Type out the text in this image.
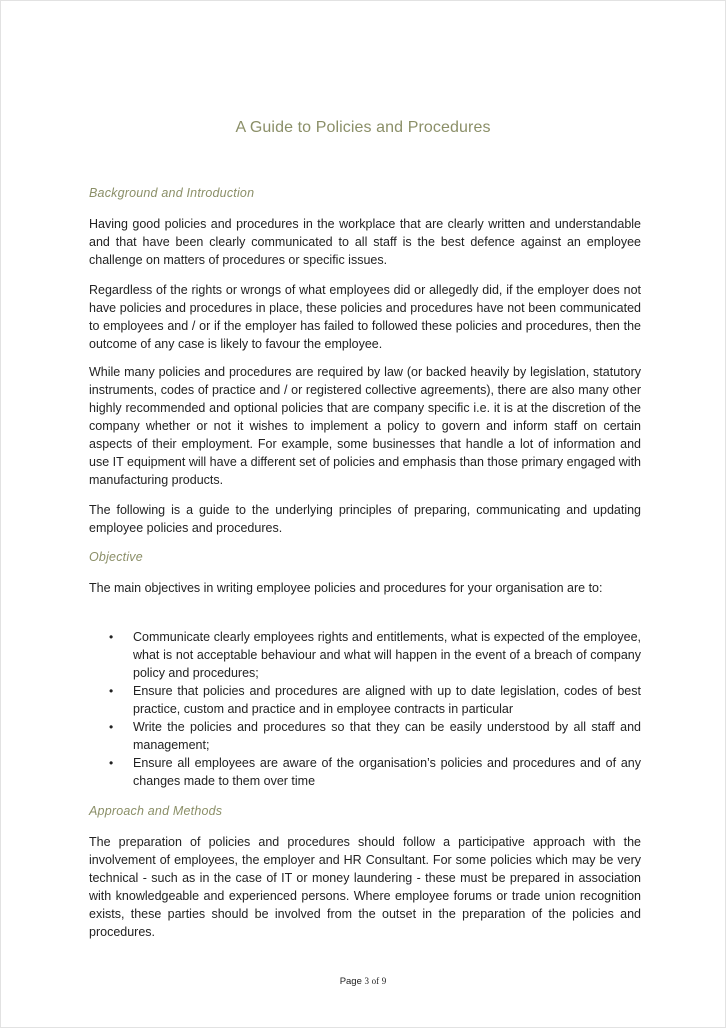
A Guide to Policies and Procedures
Background and Introduction

Having good policies and procedures in the workplace that are clearly written and understandable and that have been clearly communicated to all staff is the best defence against an employee challenge on matters of procedures or specific issues.

Regardless of the rights or wrongs of what employees did or allegedly did, if the employer does not have policies and procedures in place, these policies and procedures have not been communicated to employees and / or if the employer has failed to followed these policies and procedures, then the outcome of any case is likely to favour the employee.

While many policies and procedures are required by law (or backed heavily by legislation, statutory instruments, codes of practice and / or registered collective agreements), there are also many other highly recommended and optional policies that are company specific i.e. it is at the discretion of the company whether or not it wishes to implement a policy to govern and inform staff on certain aspects of their employment. For example, some businesses that handle a lot of information and use IT equipment will have a different set of policies and emphasis than those primary engaged with manufacturing products.

The following is a guide to the underlying principles of preparing, communicating and updating employee policies and procedures.

Objective

The main objectives in writing employee policies and procedures for your organisation are to:

• Communicate clearly employees rights and entitlements, what is expected of the employee, what is not acceptable behaviour and what will happen in the event of a breach of company policy and procedures;
• Ensure that policies and procedures are aligned with up to date legislation, codes of best practice, custom and practice and in employee contracts in particular
• Write the policies and procedures so that they can be easily understood by all staff and management;
• Ensure all employees are aware of the organisation’s policies and procedures and of any changes made to them over time
Approach and Methods

The preparation of policies and procedures should follow a participative approach with the involvement of employees, the employer and HR Consultant. For some policies which may be very technical - such as in the case of IT or money laundering - these must be prepared in association with knowledgeable and experienced persons. Where employee forums or trade union recognition exists, these parties should be involved from the outset in the preparation of the policies and procedures.

Page 3 of 9
